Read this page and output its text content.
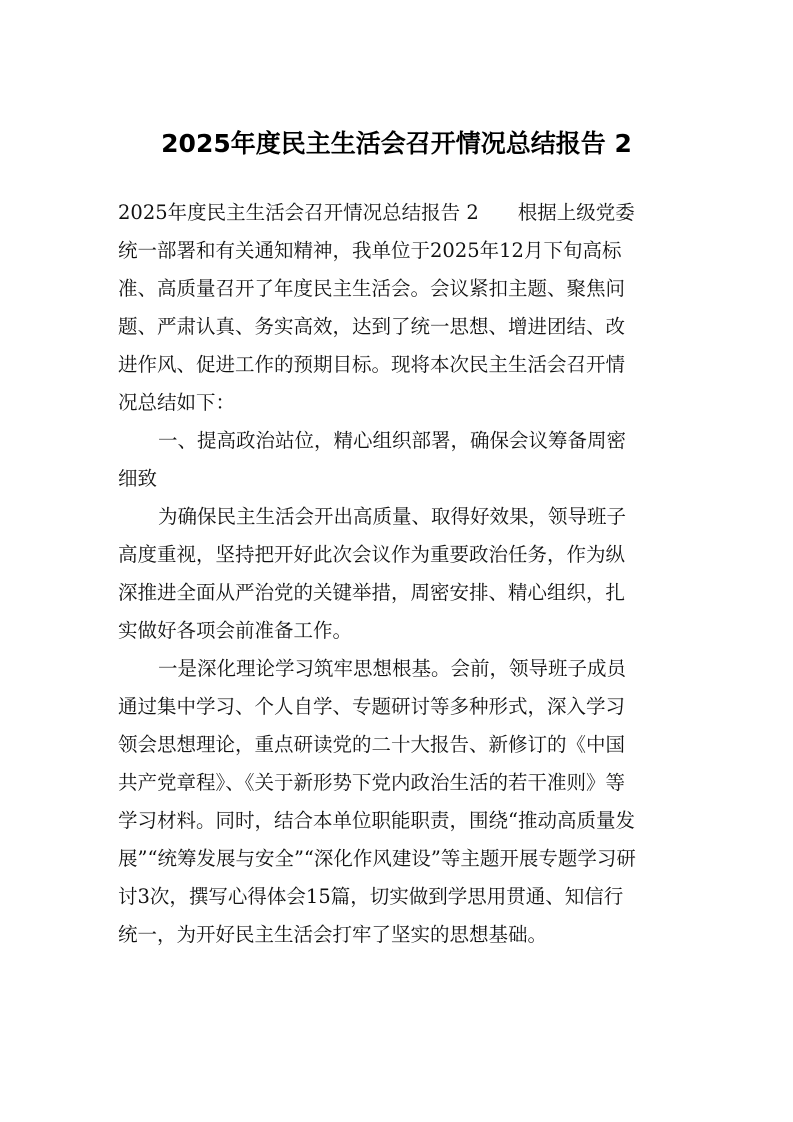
2025年度民主生活会召开情况总结报告 2
2025年度民主生活会召开情况总结报告 2　　根据上级党委
统一部署和有关通知精神，我单位于2025年12月下旬高标
准、高质量召开了年度民主生活会。会议紧扣主题、聚焦问
题、严肃认真、务实高效，达到了统一思想、增进团结、改
进作风、促进工作的预期目标。现将本次民主生活会召开情
况总结如下：
一、提高政治站位，精心组织部署，确保会议筹备周密
细致
为确保民主生活会开出高质量、取得好效果，领导班子
高度重视，坚持把开好此次会议作为重要政治任务，作为纵
深推进全面从严治党的关键举措，周密安排、精心组织，扎
实做好各项会前准备工作。
一是深化理论学习筑牢思想根基。会前，领导班子成员
通过集中学习、个人自学、专题研讨等多种形式，深入学习
领会思想理论，重点研读党的二十大报告、新修订的《中国
共产党章程》、《关于新形势下党内政治生活的若干准则》等
学习材料。同时，结合本单位职能职责，围绕“推动高质量发
展”“统筹发展与安全”“深化作风建设”等主题开展专题学习研
讨3次，撰写心得体会15篇，切实做到学思用贯通、知信行
统一，为开好民主生活会打牢了坚实的思想基础。
